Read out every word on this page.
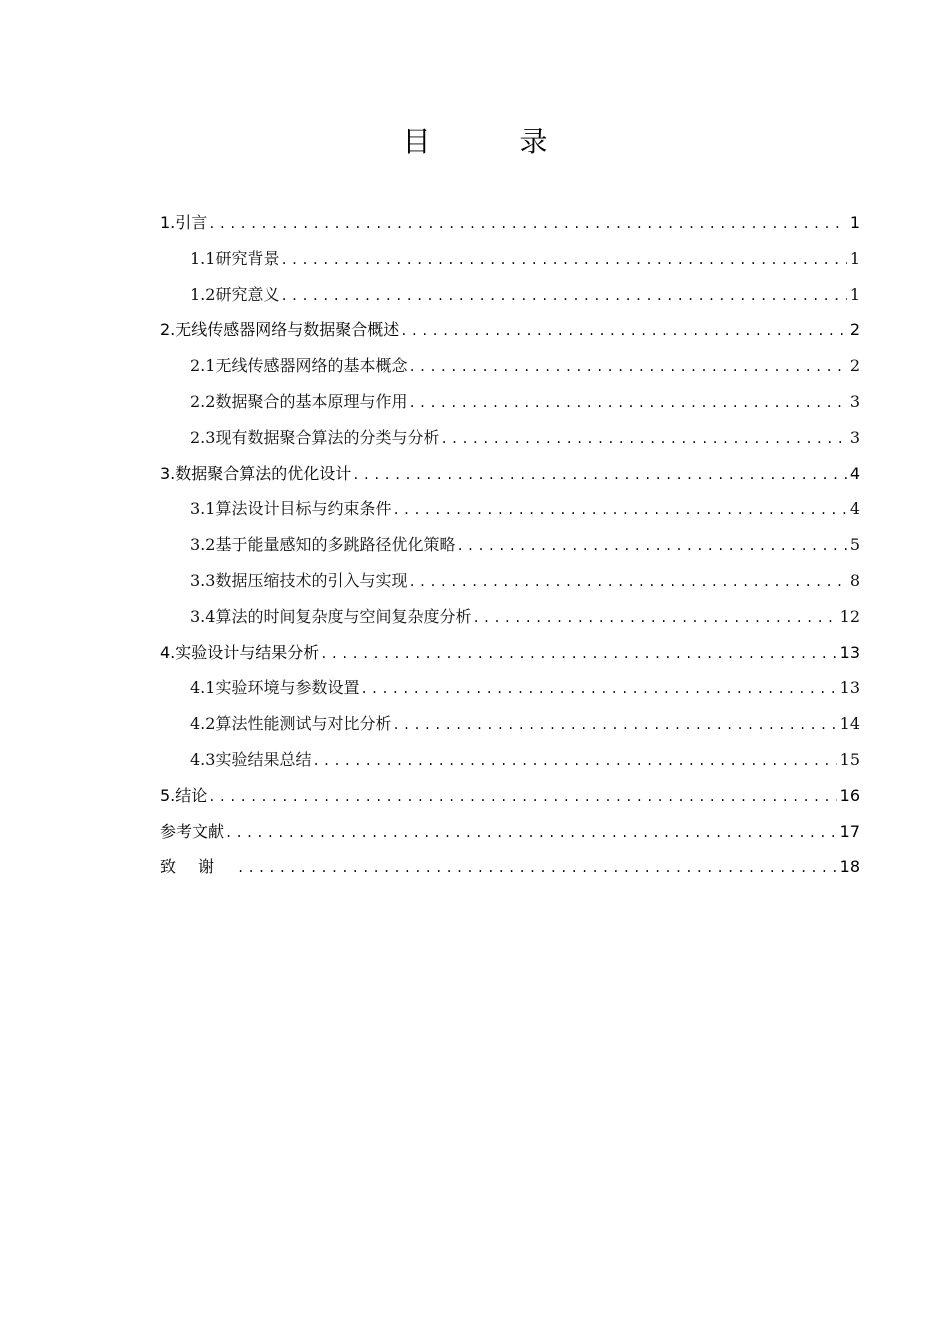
目 录
1. 引言 .....	1
1.1 研究背景 .....	1
1.2 研究意义 .....	1
2. 无线传感器网络与数据聚合概述 .....	2
2.1 无线传感器网络的基本概念 .....	2
2.2 数据聚合的基本原理与作用 .....	3
2.3 现有数据聚合算法的分类与分析 .....	3
3. 数据聚合算法的优化设计 .....	4
3.1 算法设计目标与约束条件 .....	4
3.2 基于能量感知的多跳路径优化策略 .....	5
3.3 数据压缩技术的引入与实现 .....	8
3.4 算法的时间复杂度与空间复杂度分析 .....	12
4. 实验设计与结果分析 .....	13
4.1 实验环境与参数设置 .....	13
4.2 算法性能测试与对比分析 .....	14
4.3 实验结果总结 .....	15
5. 结论 .....	16
参考文献 .....	17
致谢 .....	18
